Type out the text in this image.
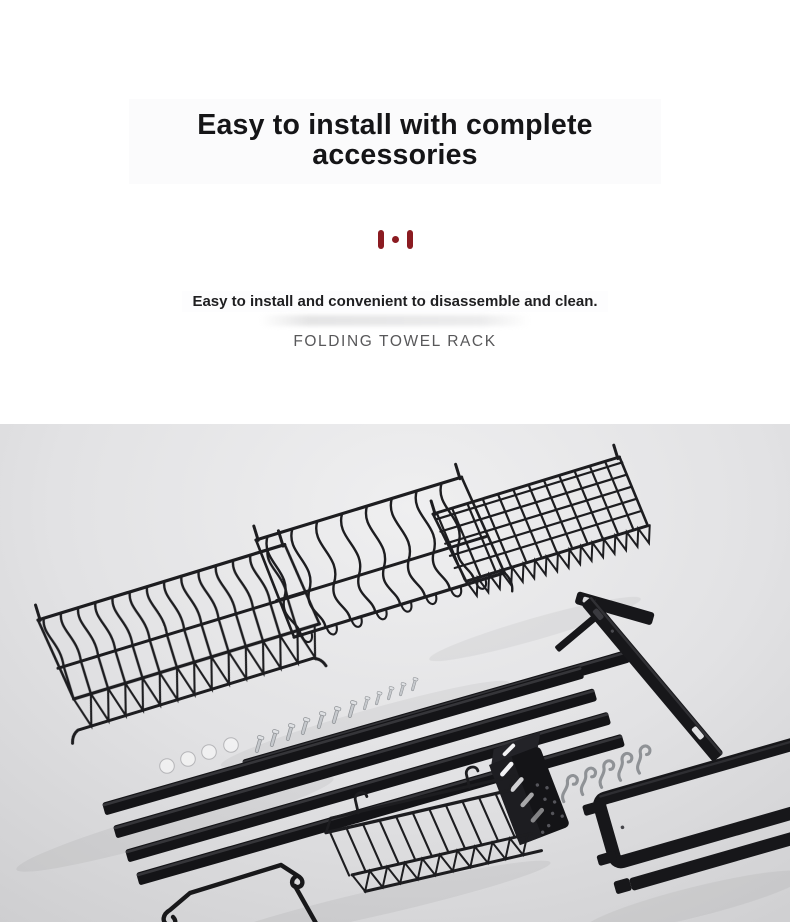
Easy to install with complete accessories
Easy to install and convenient to disassemble and clean.

FOLDING TOWEL RACK
